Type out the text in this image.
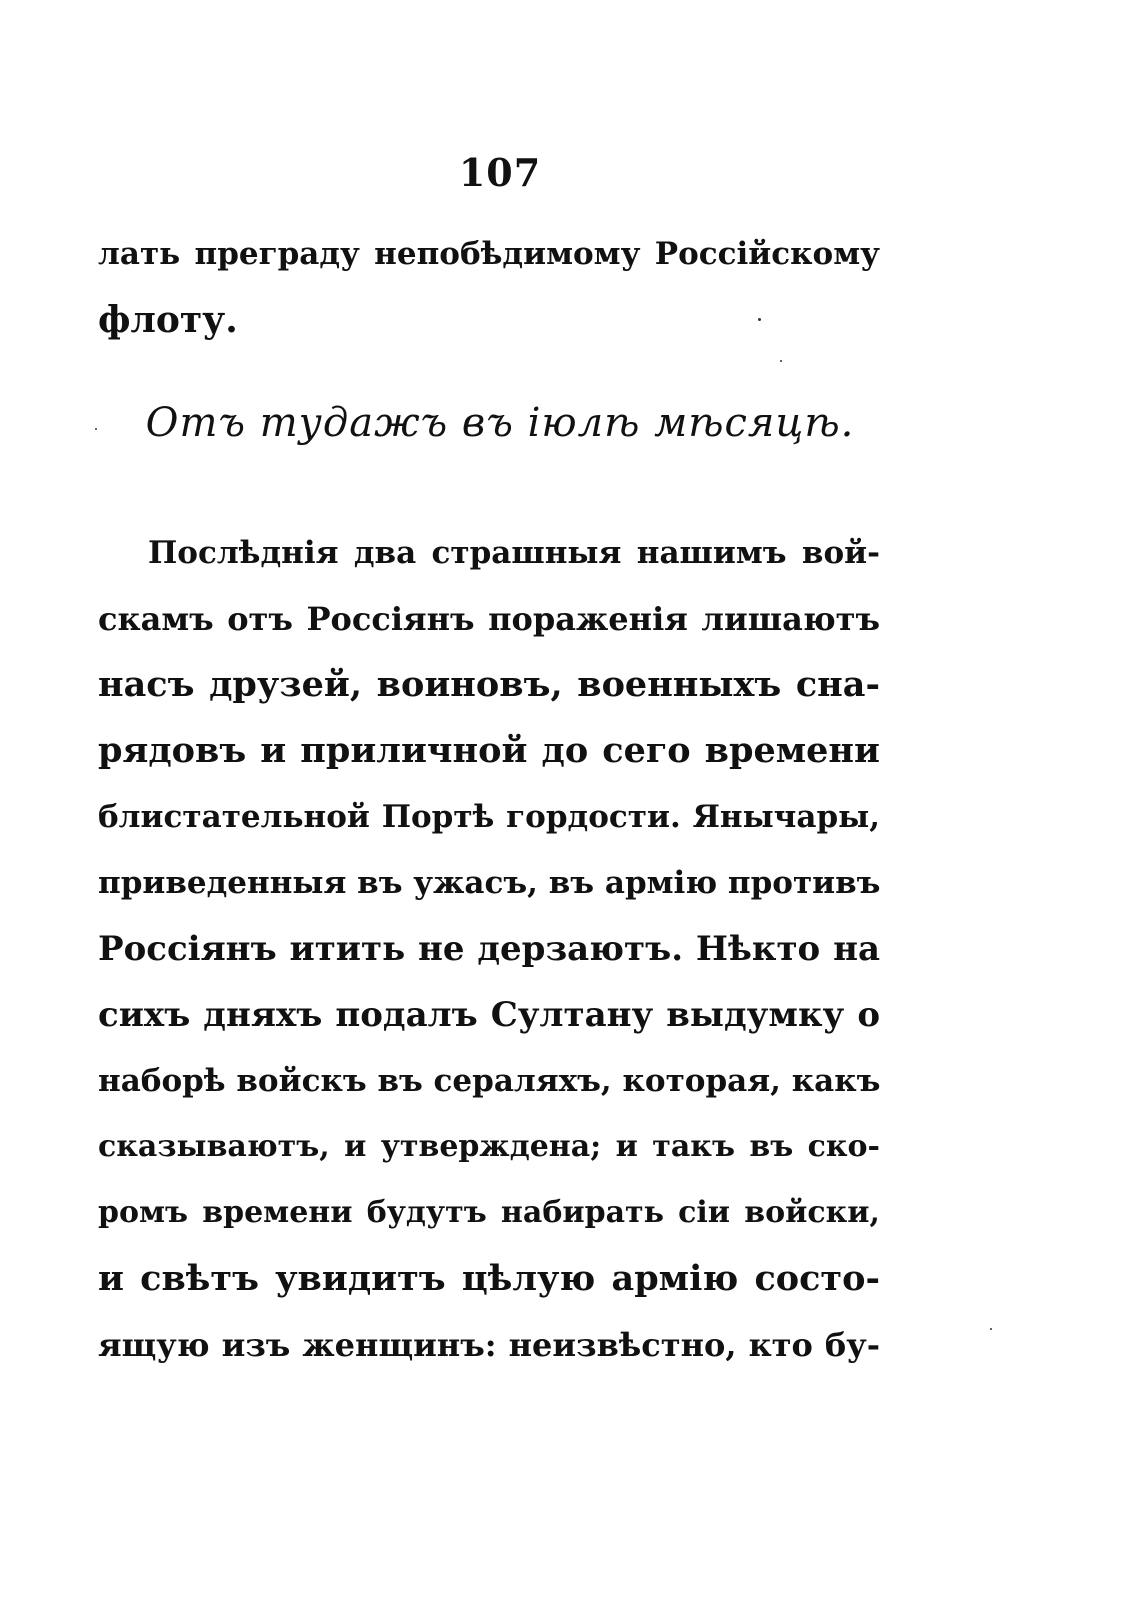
107
лать преграду непобѣдимому Россійскому
флоту.
Отъ тудажъ въ іюлѣ мѣсяцѣ.
Послѣднія два страшныя нашимъ вой-
скамъ отъ Россіянъ пораженія лишаютъ
насъ друзей, воиновъ, военныхъ сна-
рядовъ и приличной до сего времени
блистательной Портѣ гордости. Янычары,
приведенныя въ ужасъ, въ армію противъ
Россіянъ итить не дерзаютъ. Нѣкто на
сихъ дняхъ подалъ Султану выдумку о
наборѣ войскъ въ сераляхъ, которая, какъ
сказываютъ, и утверждена; и такъ въ ско-
ромъ времени будутъ набирать сіи войски,
и свѣтъ увидитъ цѣлую армію состо-
ящую изъ женщинъ: неизвѣстно, кто бу-
